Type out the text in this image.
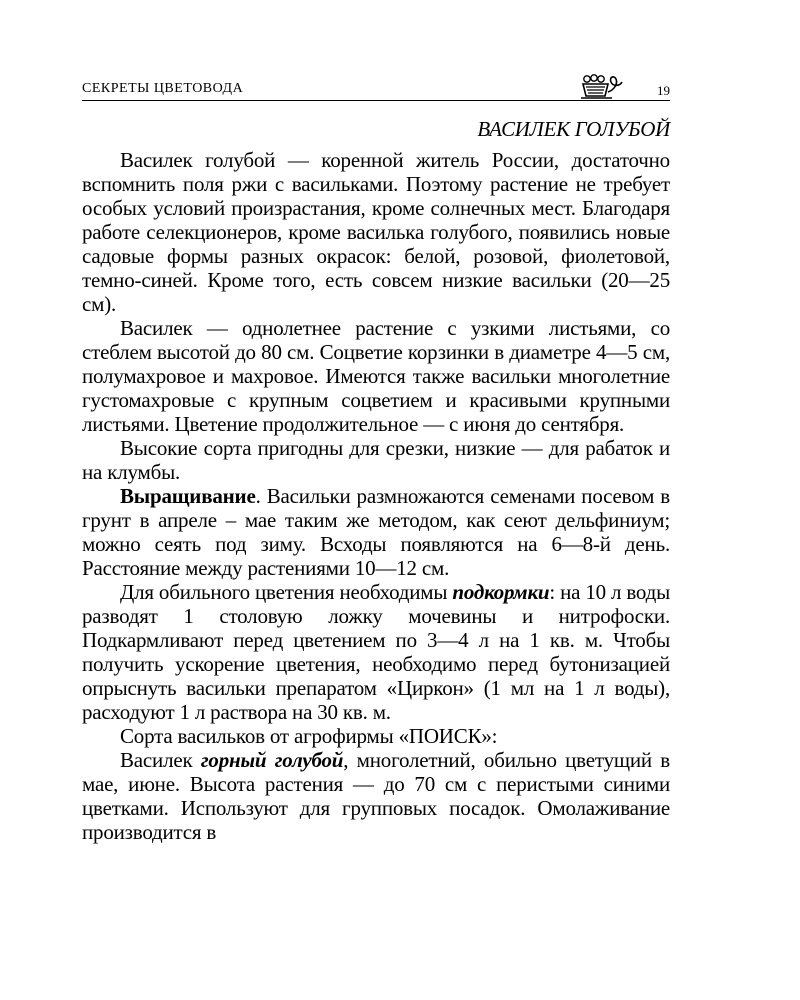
СЕКРЕТЫ ЦВЕТОВОДА	19
ВАСИЛЕК ГОЛУБОЙ

Василек голубой — коренной житель России, достаточно вспомнить поля ржи с васильками. Поэтому растение не требует особых условий произрастания, кроме солнечных мест. Благодаря работе селекционеров, кроме василька голубого, появились новые садовые формы разных окрасок: белой, розовой, фиолетовой, темно-синей. Кроме того, есть совсем низкие васильки (20—25 см).

Василек — однолетнее растение с узкими листьями, со стеблем высотой до 80 см. Соцветие корзинки в диаметре 4—5 см, полумахровое и махровое. Имеются также васильки многолетние густомахровые с крупным соцветием и красивыми крупными листьями. Цветение продолжительное — с июня до сентября.

Высокие сорта пригодны для срезки, низкие — для рабаток и на клумбы.

Выращивание. Васильки размножаются семенами посевом в грунт в апреле – мае таким же методом, как сеют дельфиниум; можно сеять под зиму. Всходы появляются на 6—8-й день. Расстояние между растениями 10—12 см.

Для обильного цветения необходимы подкормки: на 10 л воды разводят 1 столовую ложку мочевины и нитрофоски. Подкармливают перед цветением по 3—4 л на 1 кв. м. Чтобы получить ускорение цветения, необходимо перед бутонизацией опрыснуть васильки препаратом «Циркон» (1 мл на 1 л воды), расходуют 1 л раствора на 30 кв. м.

Сорта васильков от агрофирмы «ПОИСК»:

Василек горный голубой, многолетний, обильно цветущий в мае, июне. Высота растения — до 70 см с перистыми синими цветками. Используют для групповых посадок. Омолаживание производится в
